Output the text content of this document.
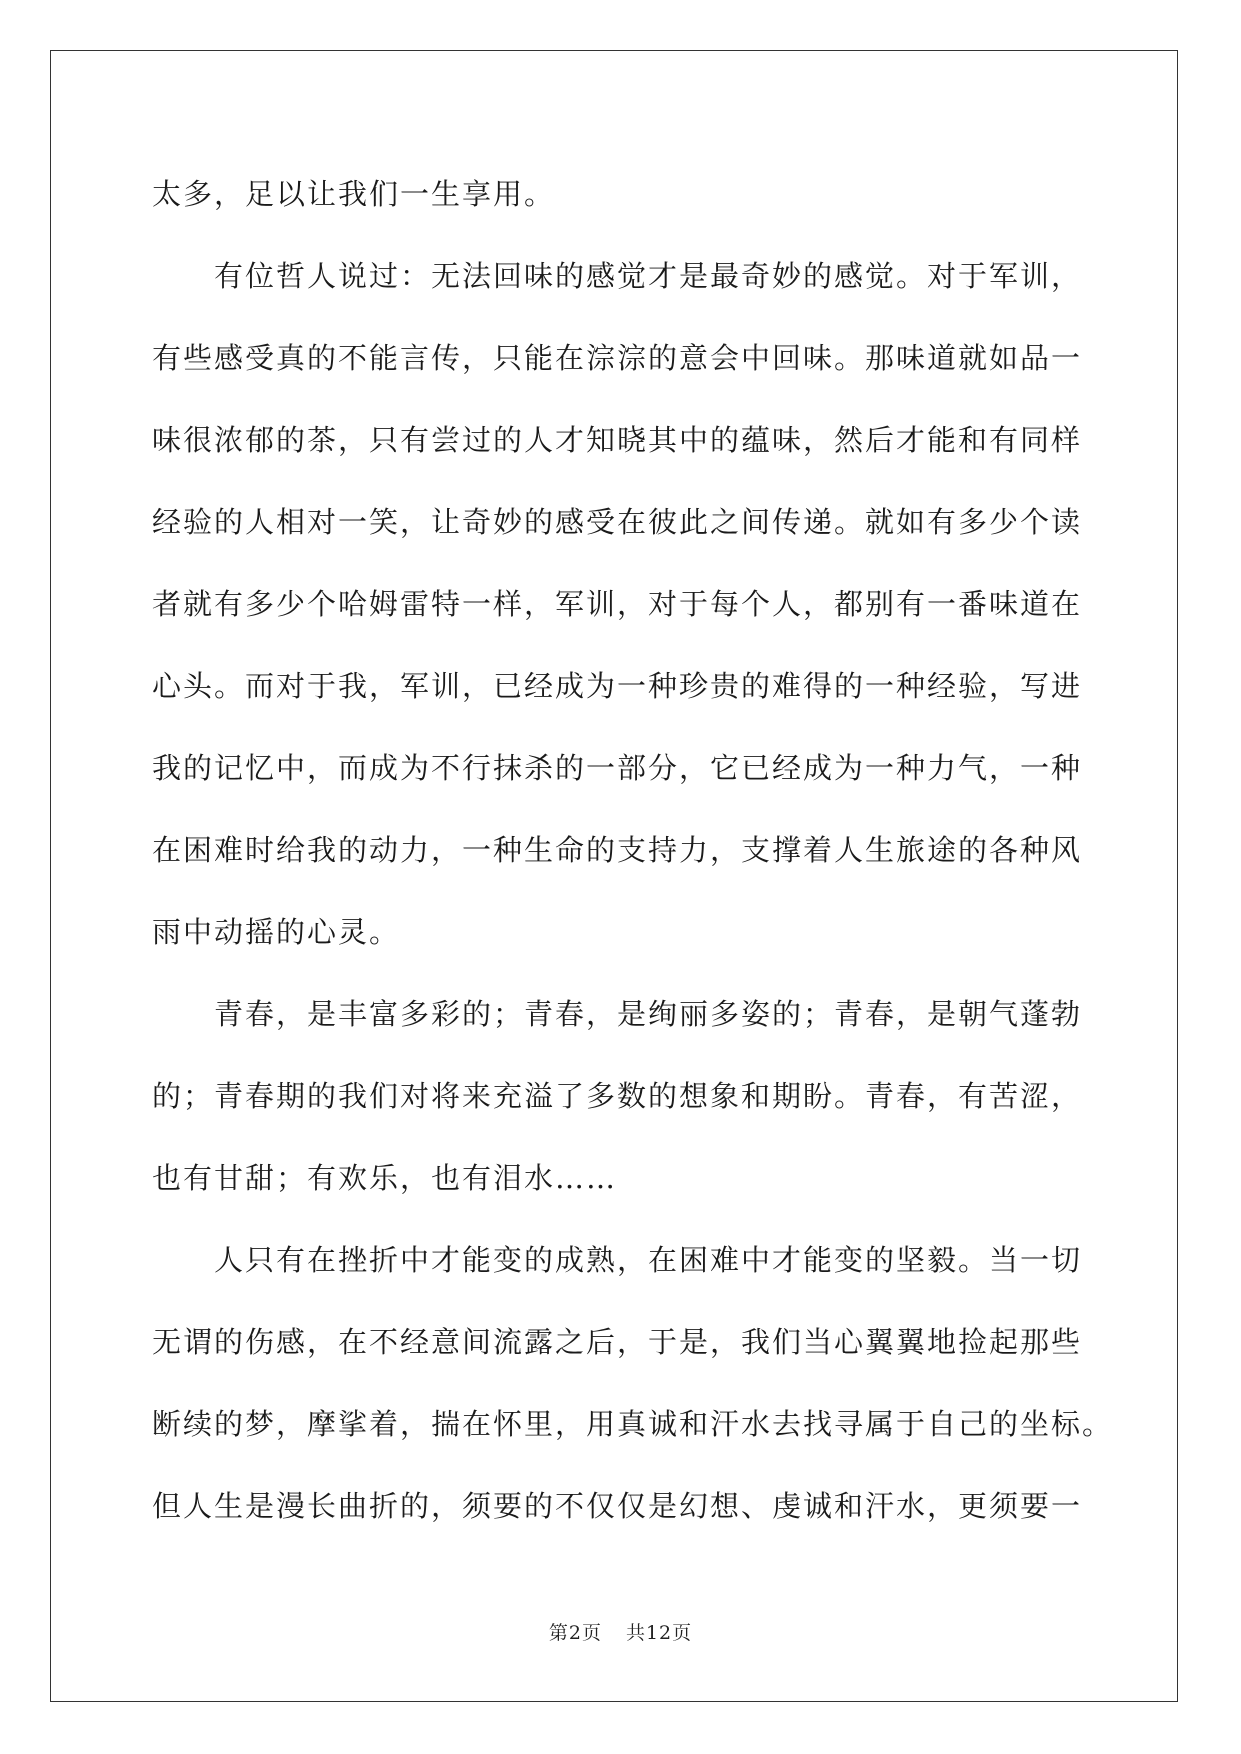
太多，足以让我们一生享用。
有位哲人说过：无法回味的感觉才是最奇妙的感觉。对于军训，
有些感受真的不能言传，只能在淙淙的意会中回味。那味道就如品一
味很浓郁的茶，只有尝过的人才知晓其中的蕴味，然后才能和有同样
经验的人相对一笑，让奇妙的感受在彼此之间传递。就如有多少个读
者就有多少个哈姆雷特一样，军训，对于每个人，都别有一番味道在
心头。而对于我，军训，已经成为一种珍贵的难得的一种经验，写进
我的记忆中，而成为不行抹杀的一部分，它已经成为一种力气，一种
在困难时给我的动力，一种生命的支持力，支撑着人生旅途的各种风
雨中动摇的心灵。
青春，是丰富多彩的；青春，是绚丽多姿的；青春，是朝气蓬勃
的；青春期的我们对将来充溢了多数的想象和期盼。青春，有苦涩，
也有甘甜；有欢乐，也有泪水……
人只有在挫折中才能变的成熟，在困难中才能变的坚毅。当一切
无谓的伤感，在不经意间流露之后，于是，我们当心翼翼地捡起那些
断续的梦，摩挲着，揣在怀里，用真诚和汗水去找寻属于自己的坐标。
但人生是漫长曲折的，须要的不仅仅是幻想、虔诚和汗水，更须要一
第2页 共12页
